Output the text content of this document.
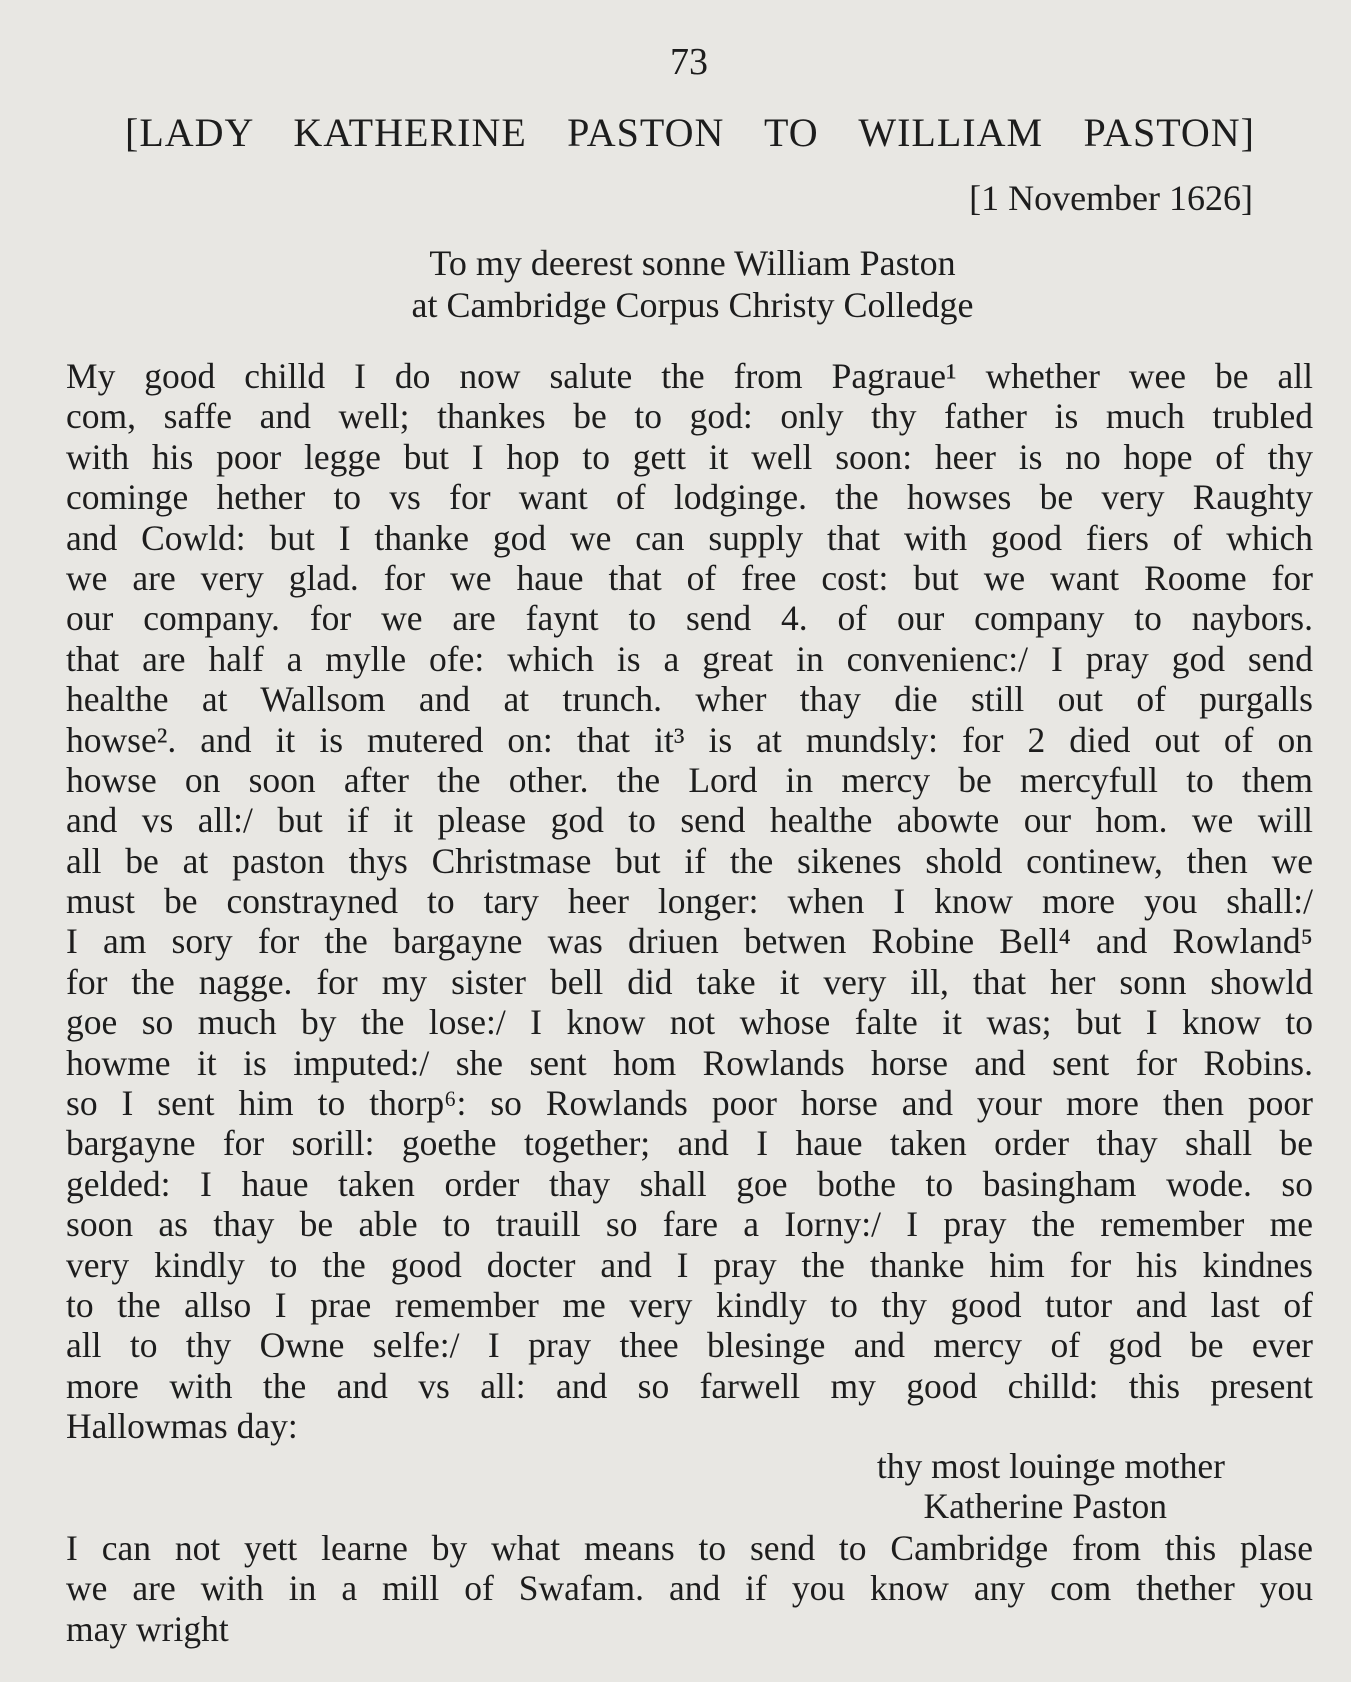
73
[LADY KATHERINE PASTON TO WILLIAM PASTON]
[1 November 1626]
To my deerest sonne William Paston
at Cambridge Corpus Christy Colledge
My good chilld I do now salute the from Pagraue¹ whether wee be all
com, saffe and well; thankes be to god: only thy father is much trubled
with his poor legge but I hop to gett it well soon: heer is no hope of thy
cominge hether to vs for want of lodginge. the howses be very Raughty
and Cowld: but I thanke god we can supply that with good fiers of which
we are very glad. for we haue that of free cost: but we want Roome for
our company. for we are faynt to send 4. of our company to naybors.
that are half a mylle ofe: which is a great in convenienc:/ I pray god send
healthe at Wallsom and at trunch. wher thay die still out of purgalls
howse². and it is mutered on: that it³ is at mundsly: for 2 died out of on
howse on soon after the other. the Lord in mercy be mercyfull to them
and vs all:/ but if it please god to send healthe abowte our hom. we will
all be at paston thys Christmase but if the sikenes shold continew, then we
must be constrayned to tary heer longer: when I know more you shall:/
I am sory for the bargayne was driuen betwen Robine Bell⁴ and Rowland⁵
for the nagge. for my sister bell did take it very ill, that her sonn showld
goe so much by the lose:/ I know not whose falte it was; but I know to
howme it is imputed:/ she sent hom Rowlands horse and sent for Robins.
so I sent him to thorp⁶: so Rowlands poor horse and your more then poor
bargayne for sorill: goethe together; and I haue taken order thay shall be
gelded: I haue taken order thay shall goe bothe to basingham wode. so
soon as thay be able to trauill so fare a Iorny:/ I pray the remember me
very kindly to the good docter and I pray the thanke him for his kindnes
to the allso I prae remember me very kindly to thy good tutor and last of
all to thy Owne selfe:/ I pray thee blesinge and mercy of god be ever
more with the and vs all: and so farwell my good chilld: this present
Hallowmas day:
thy most louinge mother
Katherine Paston
I can not yett learne by what means to send to Cambridge from this plase
we are with in a mill of Swafam. and if you know any com thether you
may wright
